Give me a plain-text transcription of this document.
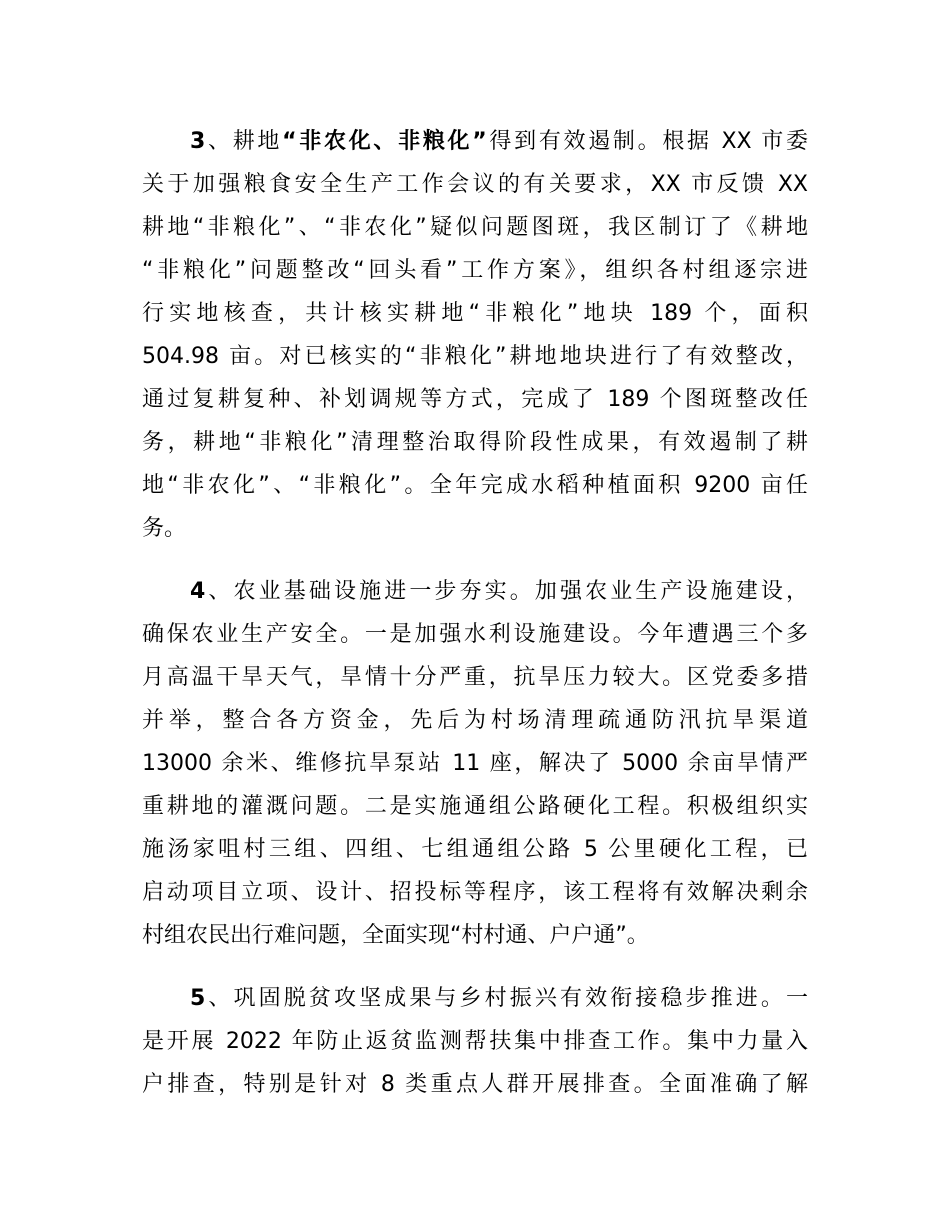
3、耕地“非农化、非粮化”得到有效遏制。根据 XX 市委
关于加强粮食安全生产工作会议的有关要求，XX 市反馈 XX
耕地“非粮化”、“非农化”疑似问题图斑，我区制订了《耕地
“非粮化”问题整改“回头看”工作方案》，组织各村组逐宗进
行实地核查，共计核实耕地“非粮化”地块 189 个，面积
504.98 亩。对已核实的“非粮化”耕地地块进行了有效整改，
通过复耕复种、补划调规等方式，完成了 189 个图斑整改任
务，耕地“非粮化”清理整治取得阶段性成果，有效遏制了耕
地“非农化”、“非粮化”。全年完成水稻种植面积 9200 亩任
务。
4、农业基础设施进一步夯实。加强农业生产设施建设，
确保农业生产安全。一是加强水利设施建设。今年遭遇三个多
月高温干旱天气，旱情十分严重，抗旱压力较大。区党委多措
并举，整合各方资金，先后为村场清理疏通防汛抗旱渠道
13000 余米、维修抗旱泵站 11 座，解决了 5000 余亩旱情严
重耕地的灌溉问题。二是实施通组公路硬化工程。积极组织实
施汤家咀村三组、四组、七组通组公路 5 公里硬化工程，已
启动项目立项、设计、招投标等程序，该工程将有效解决剩余
村组农民出行难问题，全面实现“村村通、户户通”。
5、巩固脱贫攻坚成果与乡村振兴有效衔接稳步推进。一
是开展 2022 年防止返贫监测帮扶集中排查工作。集中力量入
户排查，特别是针对 8 类重点人群开展排查。全面准确了解
